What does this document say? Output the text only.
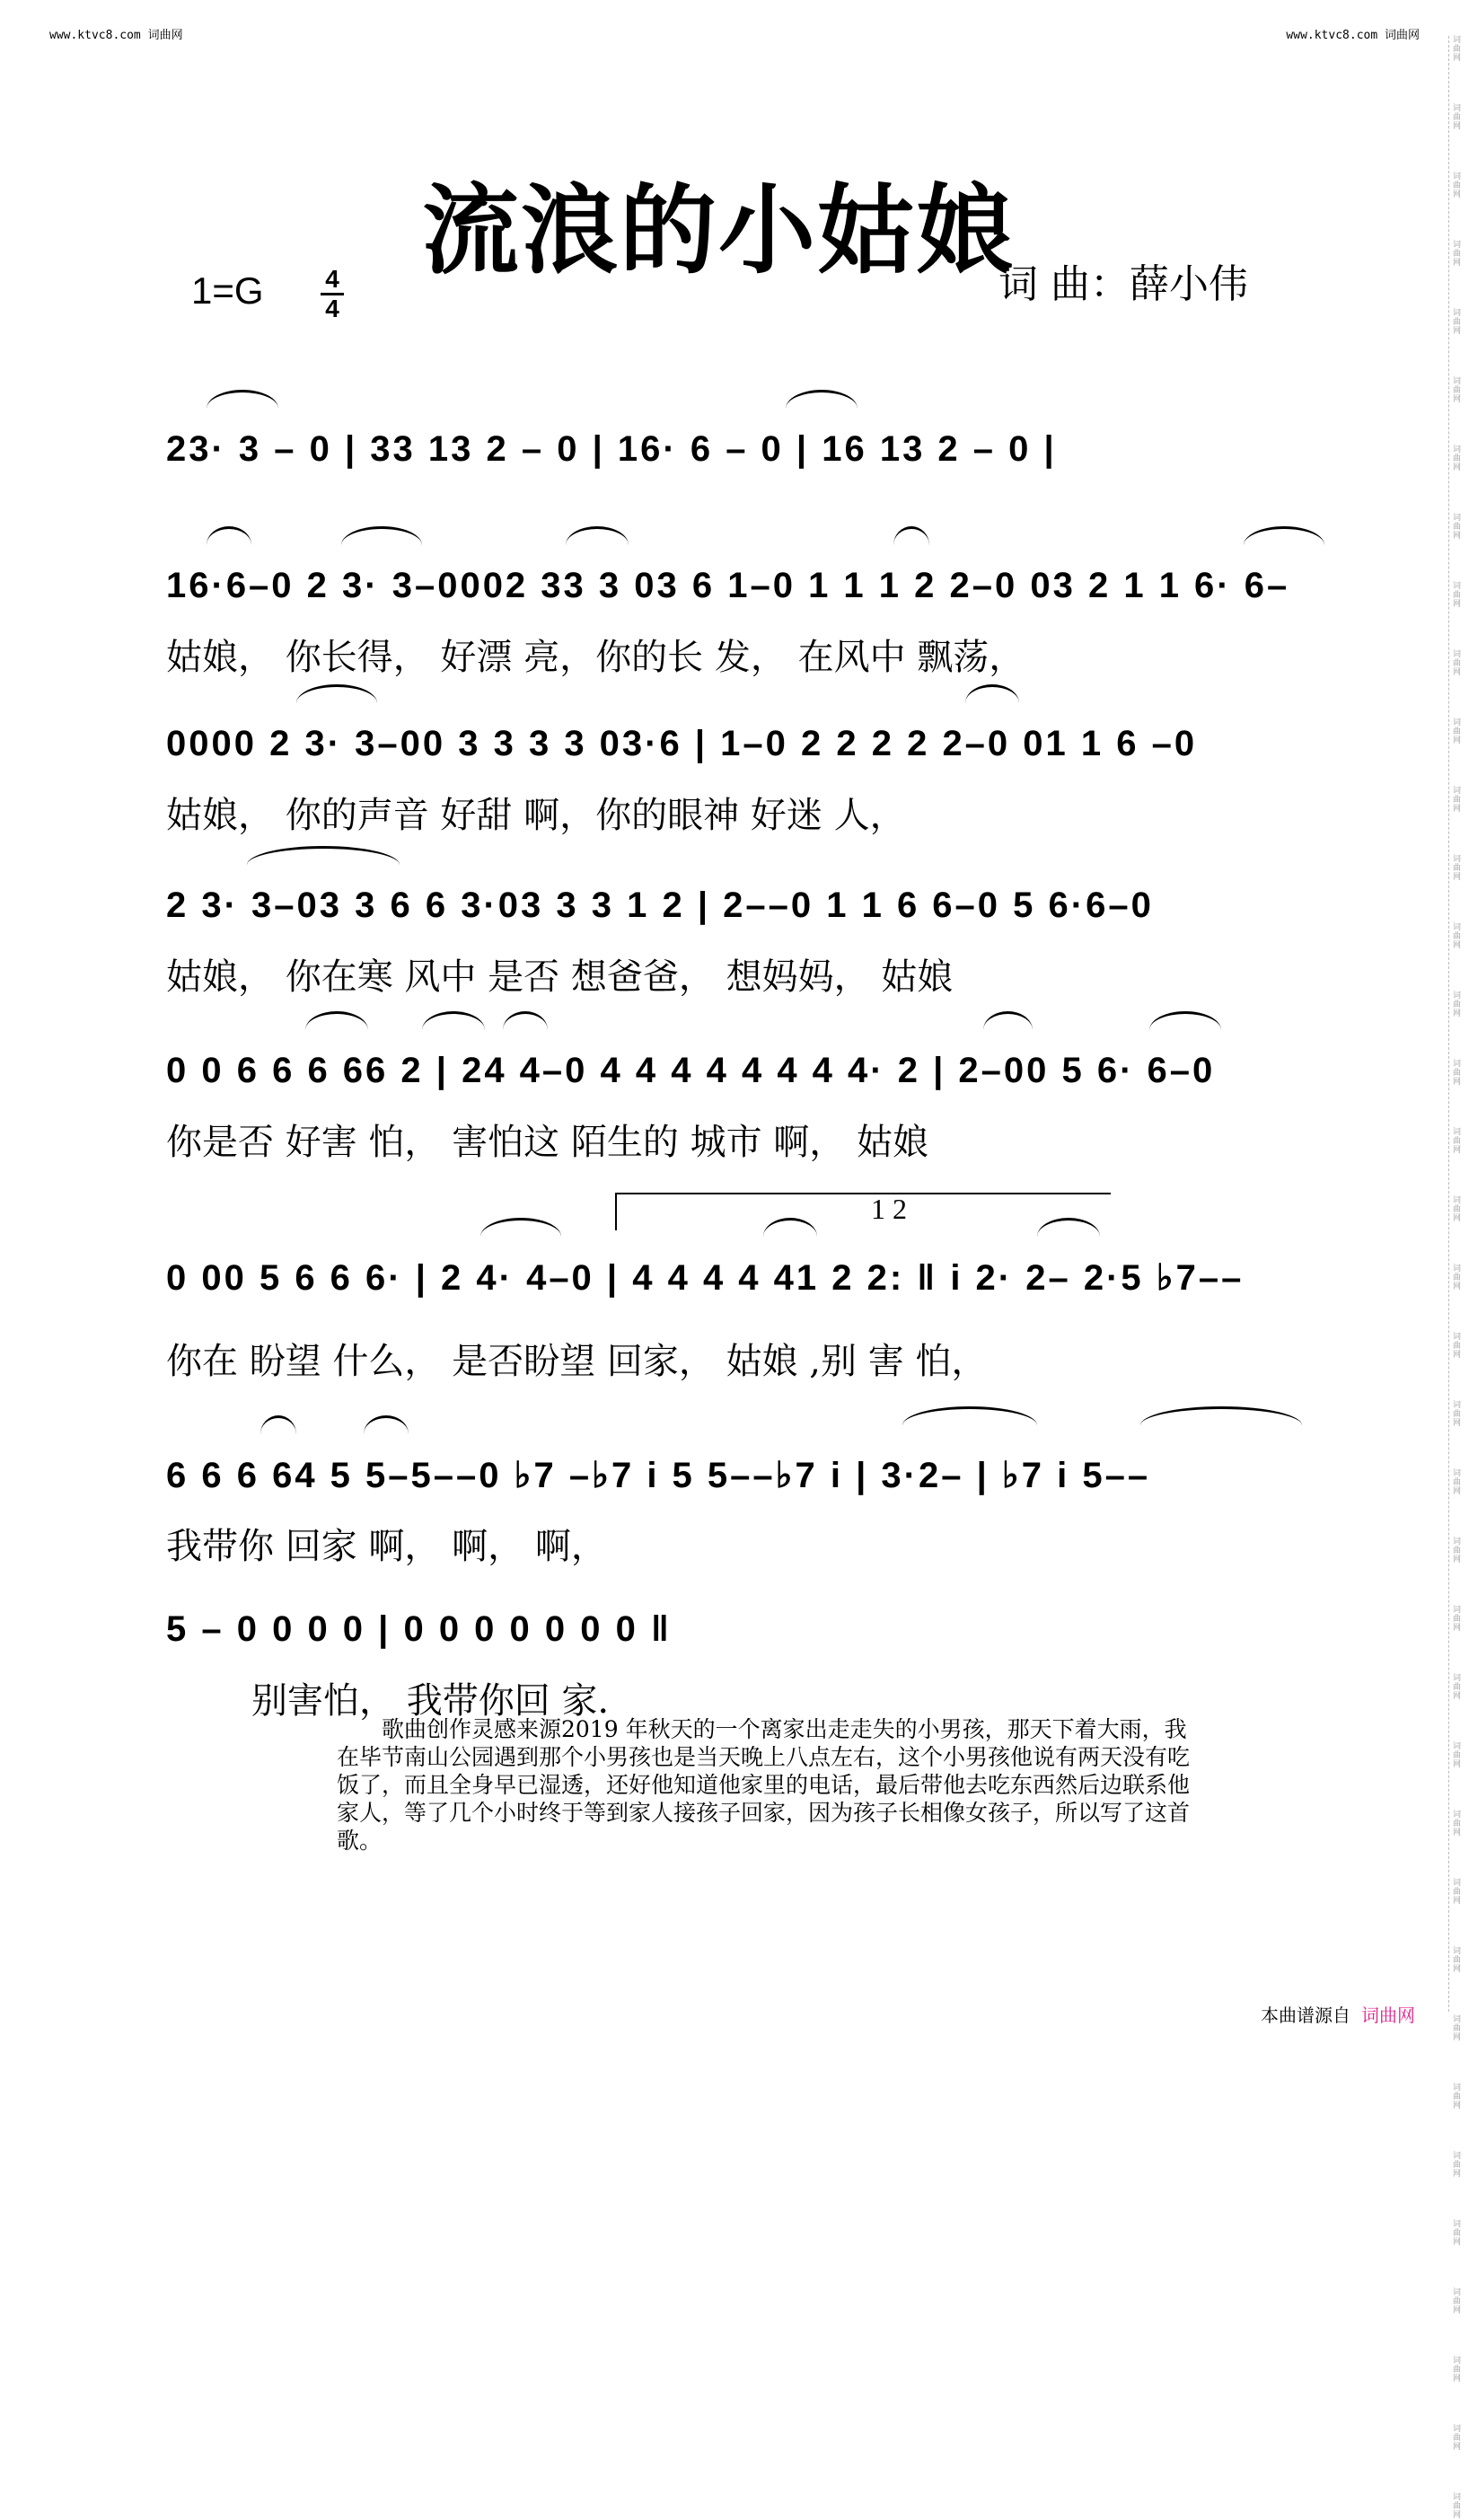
www.ktvc8.com 词曲网	www.ktvc8.com 词曲网	词曲网
词曲网
词曲网
词曲网
词曲网
词曲网
词曲网
词曲网
词曲网
词曲网
词曲网
词曲网
词曲网
词曲网
词曲网
词曲网
词曲网
词曲网
词曲网
词曲网
词曲网
词曲网
词曲网
词曲网
词曲网
词曲网
词曲网
词曲网
词曲网
词曲网
词曲网
词曲网
词曲网
词曲网
词曲网
词曲网
词曲网
流浪的小姑娘
1=G 4
4
词 曲：薛小伟
23· 3 – 0 | 33 13 2 – 0 | 16· 6 – 0 | 16 13 2 – 0 |
16·6–0 2 3· 3–0002 33 3 03 6 1–0 1 1 1 2 2–0 03 2 1 1 6· 6–
姑娘， 你长得， 好漂 亮，你的长 发， 在风中 飘荡，
0000 2 3· 3–00 3 3 3 3 03·6 | 1–0 2 2 2 2 2–0 01 1 6 –0
姑娘， 你的声音 好甜 啊，你的眼神 好迷 人，
2 3· 3–03 3 6 6 3·03 3 3 1 2 | 2––0 1 1 6 6–0 5 6·6–0
姑娘， 你在寒 风中 是否 想爸爸， 想妈妈， 姑娘
0 0 6 6 6 66 2 | 24 4–0 4 4 4 4 4 4 4 4· 2 | 2–00 5 6· 6–0
你是否 好害 怕， 害怕这 陌生的 城市 啊， 姑娘
1 2
0 00 5 6 6 6· | 2 4· 4–0 | 4 4 4 4 41 2 2: ‖ i 2· 2– 2·5 ♭7––
你在 盼望 什么， 是否盼望 回家， 姑娘 ,别 害 怕，
6 6 6 64 5 5–5––0 ♭7 –♭7 i 5 5––♭7 i | 3·2– | ♭7 i 5––
我带你 回家 啊， 啊， 啊，
5 – 0 0 0 0 | 0 0 0 0 0 0 0 ‖
别害怕， 我带你回 家.
歌曲创作灵感来源2019 年秋天的一个离家出走走失的小男孩，那天下着大雨，我在毕节南山公园遇到那个小男孩也是当天晚上八点左右，这个小男孩他说有两天没有吃饭了，而且全身早已湿透，还好他知道他家里的电话，最后带他去吃东西然后边联系他家人，等了几个小时终于等到家人接孩子回家，因为孩子长相像女孩子，所以写了这首歌。
本曲谱源自 词曲网
